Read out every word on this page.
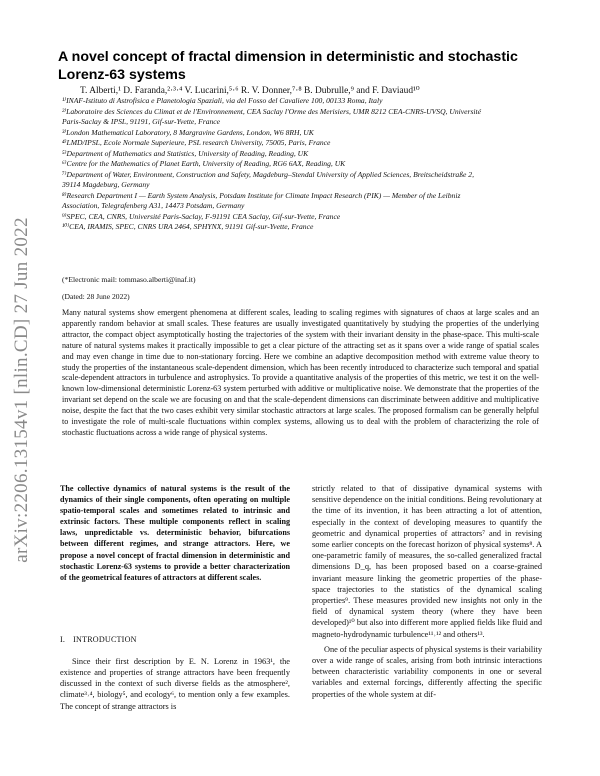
arXiv:2206.13154v1 [nlin.CD] 27 Jun 2022
A novel concept of fractal dimension in deterministic and stochastic Lorenz-63 systems
T. Alberti,¹ D. Faranda,²·³·⁴ V. Lucarini,⁵·⁶ R. V. Donner,⁷·⁸ B. Dubrulle,⁹ and F. Daviaud¹⁰
¹⁾INAF-Istituto di Astrofisica e Planetologia Spaziali, via del Fosso del Cavaliere 100, 00133 Roma, Italy
²⁾Laboratoire des Sciences du Climat et de l'Environnement, CEA Saclay l'Orme des Merisiers, UMR 8212 CEA-CNRS-UVSQ, Université Paris-Saclay & IPSL, 91191, Gif-sur-Yvette, France
³⁾London Mathematical Laboratory, 8 Margravine Gardens, London, W6 8RH, UK
⁴⁾LMD/IPSL, Ecole Normale Superieure, PSL research University, 75005, Paris, France
⁵⁾Department of Mathematics and Statistics, University of Reading, Reading, UK
⁶⁾Centre for the Mathematics of Planet Earth, University of Reading, RG6 6AX, Reading, UK
⁷⁾Department of Water, Environment, Construction and Safety, Magdeburg–Stendal University of Applied Sciences, Breitscheidstraße 2, 39114 Magdeburg, Germany
⁸⁾Research Department I — Earth System Analysis, Potsdam Institute for Climate Impact Research (PIK) — Member of the Leibniz Association, Telegrafenberg A31, 14473 Potsdam, Germany
⁹⁾SPEC, CEA, CNRS, Université Paris-Saclay, F-91191 CEA Saclay, Gif-sur-Yvette, France
¹⁰⁾CEA, IRAMIS, SPEC, CNRS URA 2464, SPHYNX, 91191 Gif-sur-Yvette, France
(*Electronic mail: tommaso.alberti@inaf.it)
(Dated: 28 June 2022)

Many natural systems show emergent phenomena at different scales, leading to scaling regimes with signatures of chaos at large scales and an apparently random behavior at small scales. These features are usually investigated quantitatively by studying the properties of the underlying attractor, the compact object asymptotically hosting the trajectories of the system with their invariant density in the phase-space. This multi-scale nature of natural systems makes it practically impossible to get a clear picture of the attracting set as it spans over a wide range of spatial scales and may even change in time due to non-stationary forcing. Here we combine an adaptive decomposition method with extreme value theory to study the properties of the instantaneous scale-dependent dimension, which has been recently introduced to characterize such temporal and spatial scale-dependent attractors in turbulence and astrophysics. To provide a quantitative analysis of the properties of this metric, we test it on the well-known low-dimensional deterministic Lorenz-63 system perturbed with additive or multiplicative noise. We demonstrate that the properties of the invariant set depend on the scale we are focusing on and that the scale-dependent dimensions can discriminate between additive and multiplicative noise, despite the fact that the two cases exhibit very similar stochastic attractors at large scales. The proposed formalism can be generally helpful to investigate the role of multi-scale fluctuations within complex systems, allowing us to deal with the problem of characterizing the role of stochastic fluctuations across a wide range of physical systems.

The collective dynamics of natural systems is the result of the dynamics of their single components, often operating on multiple spatio-temporal scales and sometimes related to intrinsic and extrinsic factors. These multiple components reflect in scaling laws, unpredictable vs. deterministic behavior, bifurcations between different regimes, and strange attractors. Here, we propose a novel concept of fractal dimension in deterministic and stochastic Lorenz-63 systems to provide a better characterization of the geometrical features of attractors at different scales.

I. INTRODUCTION

Since their first description by E. N. Lorenz in 1963¹, the existence and properties of strange attractors have been frequently discussed in the context of such diverse fields as the atmosphere², climate³˒⁴, biology⁵, and ecology⁶, to mention only a few examples. The concept of strange attractors is

strictly related to that of dissipative dynamical systems with sensitive dependence on the initial conditions. Being revolutionary at the time of its invention, it has been attracting a lot of attention, especially in the context of developing measures to quantify the geometric and dynamical properties of attractors⁷ and in revising some earlier concepts on the forecast horizon of physical systems⁸. A one-parametric family of measures, the so-called generalized fractal dimensions D_q, has been proposed based on a coarse-grained invariant measure linking the geometric properties of the phase-space trajectories to the statistics of the dynamical scaling properties⁹. These measures provided new insights not only in the field of dynamical system theory (where they have been developed)¹⁰ but also into different more applied fields like fluid and magneto-hydrodynamic turbulence¹¹˒¹² and others¹³.

One of the peculiar aspects of physical systems is their variability over a wide range of scales, arising from both intrinsic interactions between characteristic variability components in one or several variables and external forcings, differently affecting the specific properties of the whole system at dif-
